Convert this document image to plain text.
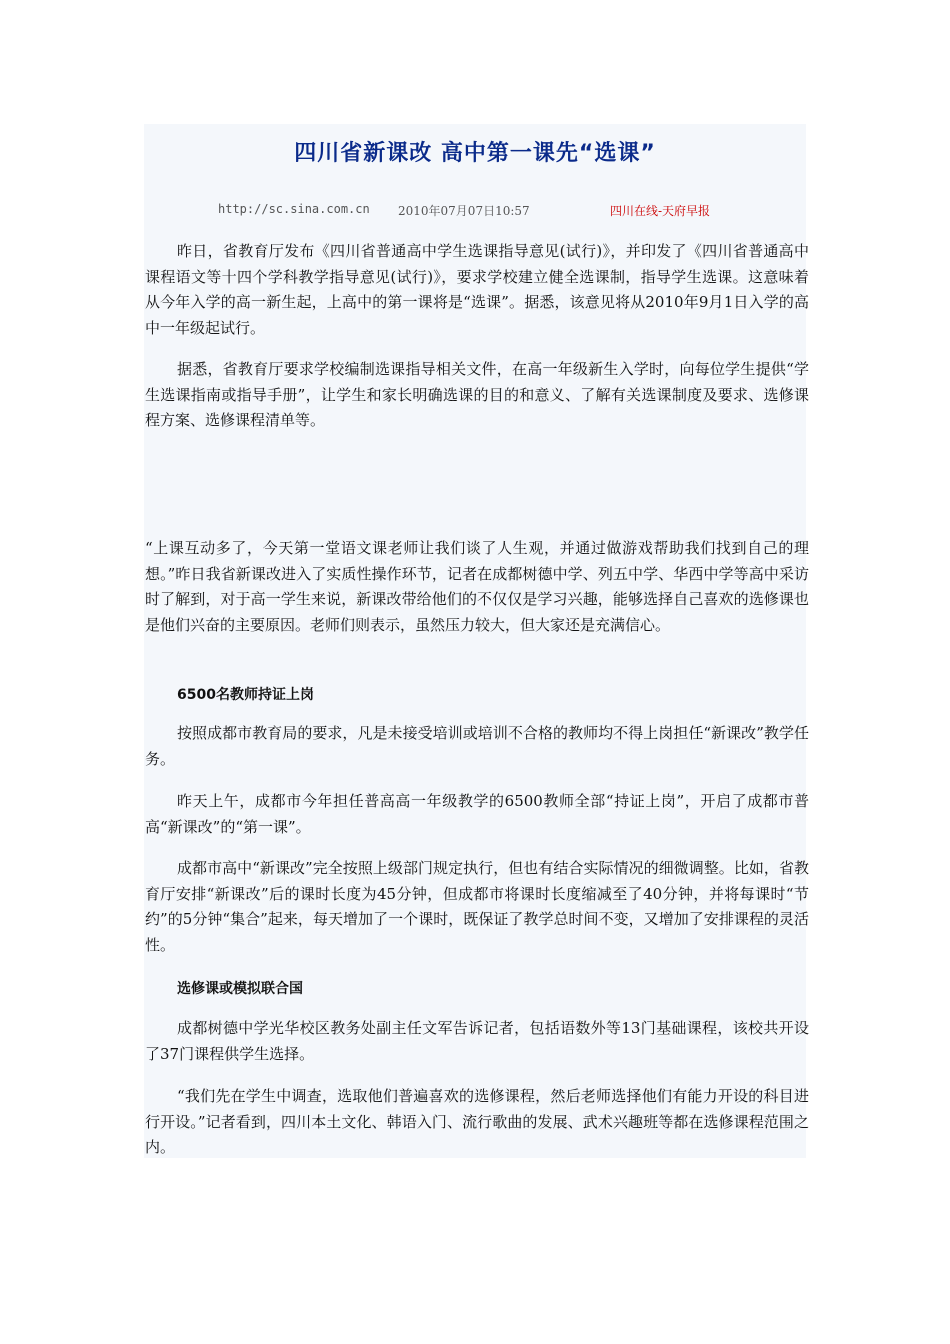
四川省新课改 高中第一课先“选课”
http://sc.sina.com.cn 2010年07月07日10:57	四川在线-天府早报

昨日，省教育厅发布《四川省普通高中学生选课指导意见(试行)》，并印发了《四川省普通高中课程语文等十四个学科教学指导意见(试行)》，要求学校建立健全选课制，指导学生选课。这意味着从今年入学的高一新生起，上高中的第一课将是“选课”。据悉，该意见将从2010年9月1日入学的高中一年级起试行。

据悉，省教育厅要求学校编制选课指导相关文件，在高一年级新生入学时，向每位学生提供“学生选课指南或指导手册”，让学生和家长明确选课的目的和意义、了解有关选课制度及要求、选修课程方案、选修课程清单等。

“上课互动多了，今天第一堂语文课老师让我们谈了人生观，并通过做游戏帮助我们找到自己的理想。”昨日我省新课改进入了实质性操作环节，记者在成都树德中学、列五中学、华西中学等高中采访时了解到，对于高一学生来说，新课改带给他们的不仅仅是学习兴趣，能够选择自己喜欢的选修课也是他们兴奋的主要原因。老师们则表示，虽然压力较大，但大家还是充满信心。

6500名教师持证上岗

按照成都市教育局的要求，凡是未接受培训或培训不合格的教师均不得上岗担任“新课改”教学任务。

昨天上午，成都市今年担任普高高一年级教学的6500教师全部“持证上岗”，开启了成都市普高“新课改”的“第一课”。

成都市高中“新课改”完全按照上级部门规定执行，但也有结合实际情况的细微调整。比如，省教育厅安排“新课改”后的课时长度为45分钟，但成都市将课时长度缩减至了40分钟，并将每课时“节约”的5分钟“集合”起来，每天增加了一个课时，既保证了教学总时间不变，又增加了安排课程的灵活性。

选修课或模拟联合国

成都树德中学光华校区教务处副主任文军告诉记者，包括语数外等13门基础课程，该校共开设了37门课程供学生选择。

“我们先在学生中调查，选取他们普遍喜欢的选修课程，然后老师选择他们有能力开设的科目进行开设。”记者看到，四川本土文化、韩语入门、流行歌曲的发展、武术兴趣班等都在选修课程范围之内。
